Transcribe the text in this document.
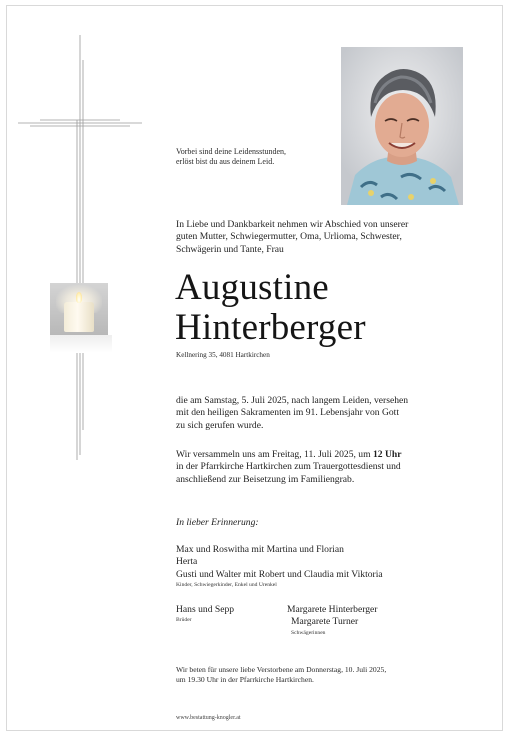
Vorbei sind deine Leidensstunden,
erlöst bist du aus deinem Leid.
In Liebe und Dankbarkeit nehmen wir Abschied von unserer
guten Mutter, Schwiegermutter, Oma, Urlioma, Schwester,
Schwägerin und Tante, Frau
Augustine
Hinterberger
Kellnering 35, 4081 Hartkirchen
die am Samstag, 5. Juli 2025, nach langem Leiden, versehen
mit den heiligen Sakramenten im 91. Lebensjahr von Gott
zu sich gerufen wurde.
Wir versammeln uns am Freitag, 11. Juli 2025, um 12 Uhr
in der Pfarrkirche Hartkirchen zum Trauergottesdienst und
anschließend zur Beisetzung im Familiengrab.
In lieber Erinnerung:
Max und Roswitha mit Martina und Florian
Herta
Gusti und Walter mit Robert und Claudia mit Viktoria
Kinder, Schwiegerkinder, Enkel und Urenkel
Hans und Sepp
Brüder
Margarete Hinterberger
Margarete Turner
Schwägerinnen
Wir beten für unsere liebe Verstorbene am Donnerstag, 10. Juli 2025,
um 19.30 Uhr in der Pfarrkirche Hartkirchen.
www.bestattung-knogler.at
